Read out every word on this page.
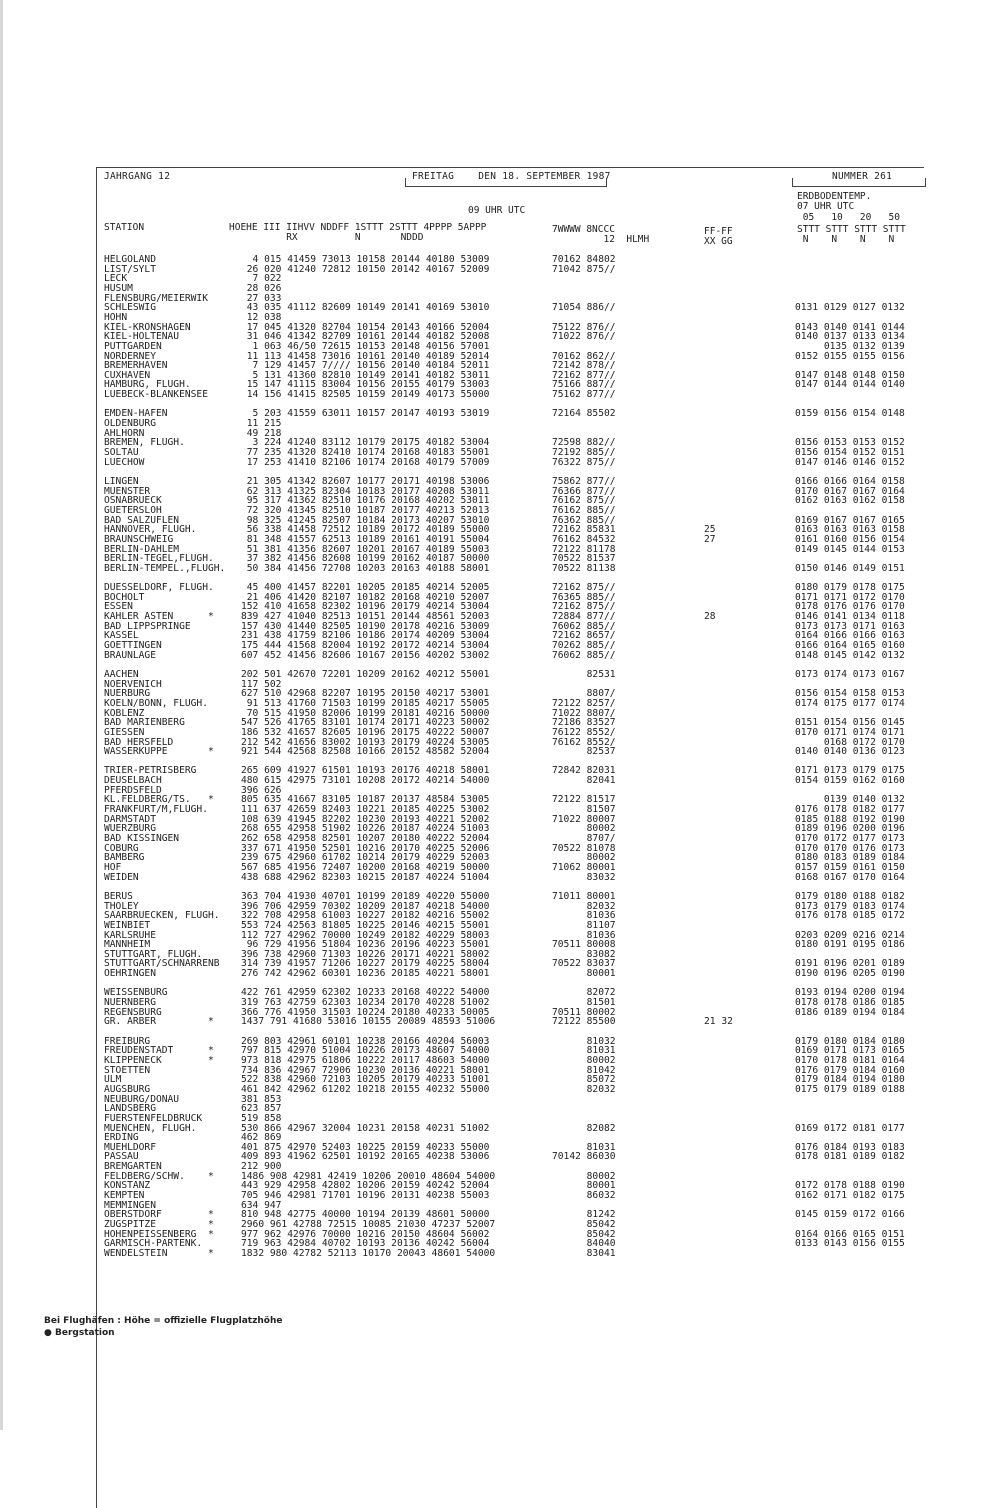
JAHRGANG 12	FREITAG    DEN 18. SEPTEMBER 1987	NUMMER 261
09 UHR UTC
STATION	HOEHE III IIHVV NDDFF 1STTT 2STTT 4PPPP 5APPP
RX          N       NDDD
7WWWW 8NCCC
12  HLMH
FF-FF
XX GG
ERDBODENTEMP.
07 UHR UTC
05   10   20   50
STTT STTT STTT STTT
N    N    N    N
HELGOLAND	4 015 41459 73013 10158 20144 40180 53009	70162 84802
LIST/SYLT	26 020 41240 72812 10150 20142 40167 52009	71042 875//
LECK	7 022
HUSUM	28 026
FLENSBURG/MEIERWIK	27 033
SCHLESWIG	43 035 41112 82609 10149 20141 40169 53010	71054 886//	0131 0129 0127 0132
HOHN	12 038
KIEL-KRONSHAGEN	17 045 41320 82704 10154 20143 40166 52004	75122 876//	0143 0140 0141 0144
KIEL-HOLTENAU	31 046 41342 82709 10161 20144 40182 52008	71022 876//	0140 0137 0133 0134
PUTTGARDEN	1 063 46/50 72615 10153 20148 40156 57001	0135 0132 0139
NORDERNEY	11 113 41458 73016 10161 20140 40189 52014	70162 862//	0152 0155 0155 0156
BREMERHAVEN	7 129 41457 7//// 10156 20140 40184 52011	72142 878//
CUXHAVEN	5 131 41360 82810 10149 20141 40182 53011	72162 877//	0147 0148 0148 0150
HAMBURG, FLUGH.	15 147 41115 83004 10156 20155 40179 53003	75166 887//	0147 0144 0144 0140
LUEBECK-BLANKENSEE	14 156 41415 82505 10159 20149 40173 55000	75162 877//
EMDEN-HAFEN	5 203 41559 63011 10157 20147 40193 53019	72164 85502	0159 0156 0154 0148
OLDENBURG	11 215
AHLHORN	49 218
BREMEN, FLUGH.	3 224 41240 83112 10179 20175 40182 53004	72598 882//	0156 0153 0153 0152
SOLTAU	77 235 41320 82410 10174 20168 40183 55001	72192 885//	0156 0154 0152 0151
LUECHOW	17 253 41410 82106 10174 20168 40179 57009	76322 875//	0147 0146 0146 0152
LINGEN	21 305 41342 82607 10177 20171 40198 53006	75862 877//	0166 0166 0164 0158
MUENSTER	62 313 41325 82304 10183 20177 40208 53011	76366 877//	0170 0167 0167 0164
OSNABRUECK	95 317 41362 82510 10176 20168 40202 53011	76162 875//	0162 0163 0162 0158
GUETERSLOH	72 320 41345 82510 10187 20177 40213 52013	76162 885//
BAD SALZUFLEN	98 325 41245 82507 10184 20173 40207 53010	76362 885//	0169 0167 0167 0165
HANNOVER, FLUGH.	56 338 41458 72512 10189 20172 40189 55000	72162 85831	25	0163 0163 0163 0158
BRAUNSCHWEIG	81 348 41557 62513 10189 20161 40191 55004	76162 84532	27	0161 0160 0156 0154
BERLIN-DAHLEM	51 381 41356 82607 10201 20167 40189 55003	72122 81178	0149 0145 0144 0153
BERLIN-TEGEL,FLUGH.	37 382 41456 82608 10199 20162 40187 50000	70522 81537
BERLIN-TEMPEL.,FLUGH. 50 384 41456 72708 10203 20163 40188 58001	70522 81138	0150 0146 0149 0151
DUESSELDORF, FLUGH.	45 400 41457 82201 10205 20185 40214 52005	72162 875//	0180 0179 0178 0175
BOCHOLT	21 406 41420 82107 10182 20168 40210 52007	76365 885//	0171 0171 0172 0170
ESSEN	152 410 41658 82302 10196 20179 40214 53004	72162 875//	0178 0176 0176 0170
KAHLER ASTEN      *	839 427 41040 82513 10151 20144 48561 52003	72884 877//	28	0146 0141 0134 0118
BAD LIPPSPRINGE	157 430 41440 82505 10190 20178 40216 53009	76062 885//	0173 0173 0171 0163
KASSEL	231 438 41759 82106 10186 20174 40209 53004	72162 8657/	0164 0166 0166 0163
GOETTINGEN	175 444 41568 82004 10192 20172 40214 53004	70262 885//	0166 0164 0165 0160
BRAUNLAGE	607 452 41456 82606 10167 20156 40202 53002	76062 885//	0148 0145 0142 0132
AACHEN	202 501 42670 72201 10209 20162 40212 55001	82531	0173 0174 0173 0167
NOERVENICH	117 502
NUERBURG	627 510 42968 82207 10195 20150 40217 53001	8807/	0156 0154 0158 0153
KOELN/BONN, FLUGH.	91 513 41760 71503 10199 20185 40217 55005	72122 8257/	0174 0175 0177 0174
KOBLENZ	70 515 41950 82006 10199 20181 40216 50000	71022 8807/
BAD MARIENBERG	547 526 41765 83101 10174 20171 40223 50002	72186 83527	0151 0154 0156 0145
GIESSEN	186 532 41657 82605 10196 20175 40222 50007	76122 8552/	0170 0171 0174 0171
BAD HERSFELD	212 542 41656 83002 10193 20179 40224 53005	76162 8552/	0168 0172 0170
WASSERKUPPE       *	921 544 42568 82508 10166 20152 48582 52004	82537	0140 0140 0136 0123
TRIER-PETRISBERG	265 609 41927 61501 10193 20176 40218 58001	72842 82031	0171 0173 0179 0175
DEUSELBACH	480 615 42975 73101 10208 20172 40214 54000	82041	0154 0159 0162 0160
PFERDSFELD	396 626
KL.FELDBERG/TS.   *	805 635 41667 83105 10187 20137 48584 53005	72122 81517	0139 0140 0132
FRANKFURT/M,FLUGH.	111 637 42659 82403 10221 20185 40225 53002	81507	0176 0178 0182 0177
DARMSTADT	108 639 41945 82202 10230 20193 40221 52002	71022 80007	0185 0188 0192 0190
WUERZBURG	268 655 42958 51902 10226 20187 40224 51003	80002	0189 0196 0200 0196
BAD KISSINGEN	262 658 42958 82501 10207 20180 40222 52004	8707/	0170 0172 0177 0173
COBURG	337 671 41950 52501 10216 20170 40225 52006	70522 81078	0170 0170 0176 0173
BAMBERG	239 675 42960 61702 10214 20179 40229 52003	80002	0180 0183 0189 0184
HOF	567 685 41956 72407 10200 20168 40219 50000	71062 80001	0157 0159 0161 0150
WEIDEN	438 688 42962 82303 10215 20187 40224 51004	83032	0168 0167 0170 0164
BERUS	363 704 41930 40701 10199 20189 40220 55000	71011 80001	0179 0180 0188 0182
THOLEY	396 706 42959 70302 10209 20187 40218 54000	82032	0173 0179 0183 0174
SAARBRUECKEN, FLUGH. 322 708 42958 61003 10227 20182 40216 55002	81036	0176 0178 0185 0172
WEINBIET	553 724 42563 81805 10225 20146 40215 55001	81107
KARLSRUHE	112 727 42962 70000 10249 20182 40229 58003	81036	0203 0209 0216 0214
MANNHEIM	96 729 41956 51804 10236 20196 40223 55001	70511 80008	0180 0191 0195 0186
STUTTGART, FLUGH.	396 738 42960 71303 10226 20171 40221 58002	83082
STUTTGART/SCHNARRENB 314 739 41957 71206 10227 20179 40225 58004	70522 83037	0191 0196 0201 0189
OEHRINGEN	276 742 42962 60301 10236 20185 40221 58001	80001	0190 0196 0205 0190
WEISSENBURG	422 761 42959 62302 10233 20168 40222 54000	82072	0193 0194 0200 0194
NUERNBERG	319 763 42759 62303 10234 20170 40228 51002	81501	0178 0178 0186 0185
REGENSBURG	366 776 41950 31503 10224 20180 40233 50005	70511 80002	0186 0189 0194 0184
GR. ARBER         *	1437 791 41680 53016 10155 20089 48593 51006	72122 85500	21 32
FREIBURG	269 803 42961 60101 10238 20166 40204 56003	81032	0179 0180 0184 0180
FREUDENSTADT      *	797 815 42970 51004 10226 20173 48607 54000	81031	0169 0171 0173 0165
KLIPPENECK        *	973 818 42975 61806 10222 20117 48603 54000	80002	0170 0178 0181 0164
STOETTEN	734 836 42967 72906 10230 20136 40221 58001	81042	0176 0179 0184 0160
ULM	522 838 42960 72103 10205 20179 40233 51001	85072	0179 0184 0194 0180
AUGSBURG	461 842 42962 61202 10218 20155 40232 55000	82032	0175 0179 0189 0188
NEUBURG/DONAU	381 853
LANDSBERG	623 857
FUERSTENFELDBRUCK	519 858
MUENCHEN, FLUGH.	530 866 42967 32004 10231 20158 40231 51002	82082	0169 0172 0181 0177
ERDING	462 869
MUEHLDORF	401 875 42970 52403 10225 20159 40233 55000	81031	0176 0184 0193 0183
PASSAU	409 893 41962 62501 10192 20165 40238 53006	70142 86030	0178 0181 0189 0182
BREMGARTEN	212 900
FELDBERG/SCHW.    *	1486 908 42981 42419 10206 20010 48604 54000	80002
KONSTANZ	443 929 42958 42802 10206 20159 40242 52004	80001	0172 0178 0188 0190
KEMPTEN	705 946 42981 71701 10196 20131 40238 55003	86032	0162 0171 0182 0175
MEMMINGEN	634 947
OBERSTDORF        *	810 948 42775 40000 10194 20139 48601 50000	81242	0145 0159 0172 0166
ZUGSPITZE         *	2960 961 42788 72515 10085 21030 47237 52007	85042
HOHENPEISSENBERG  *	977 962 42976 70000 10216 20150 48604 56002	85042	0164 0166 0165 0151
GARMISCH-PARTENK.	719 963 42984 40702 10193 20136 40242 56004	84040	0133 0143 0156 0155
WENDELSTEIN       *	1832 980 42782 52113 10170 20043 48601 54000	83041
Bei Flughäfen : Höhe = offizielle Flugplatzhöhe
● Bergstation
